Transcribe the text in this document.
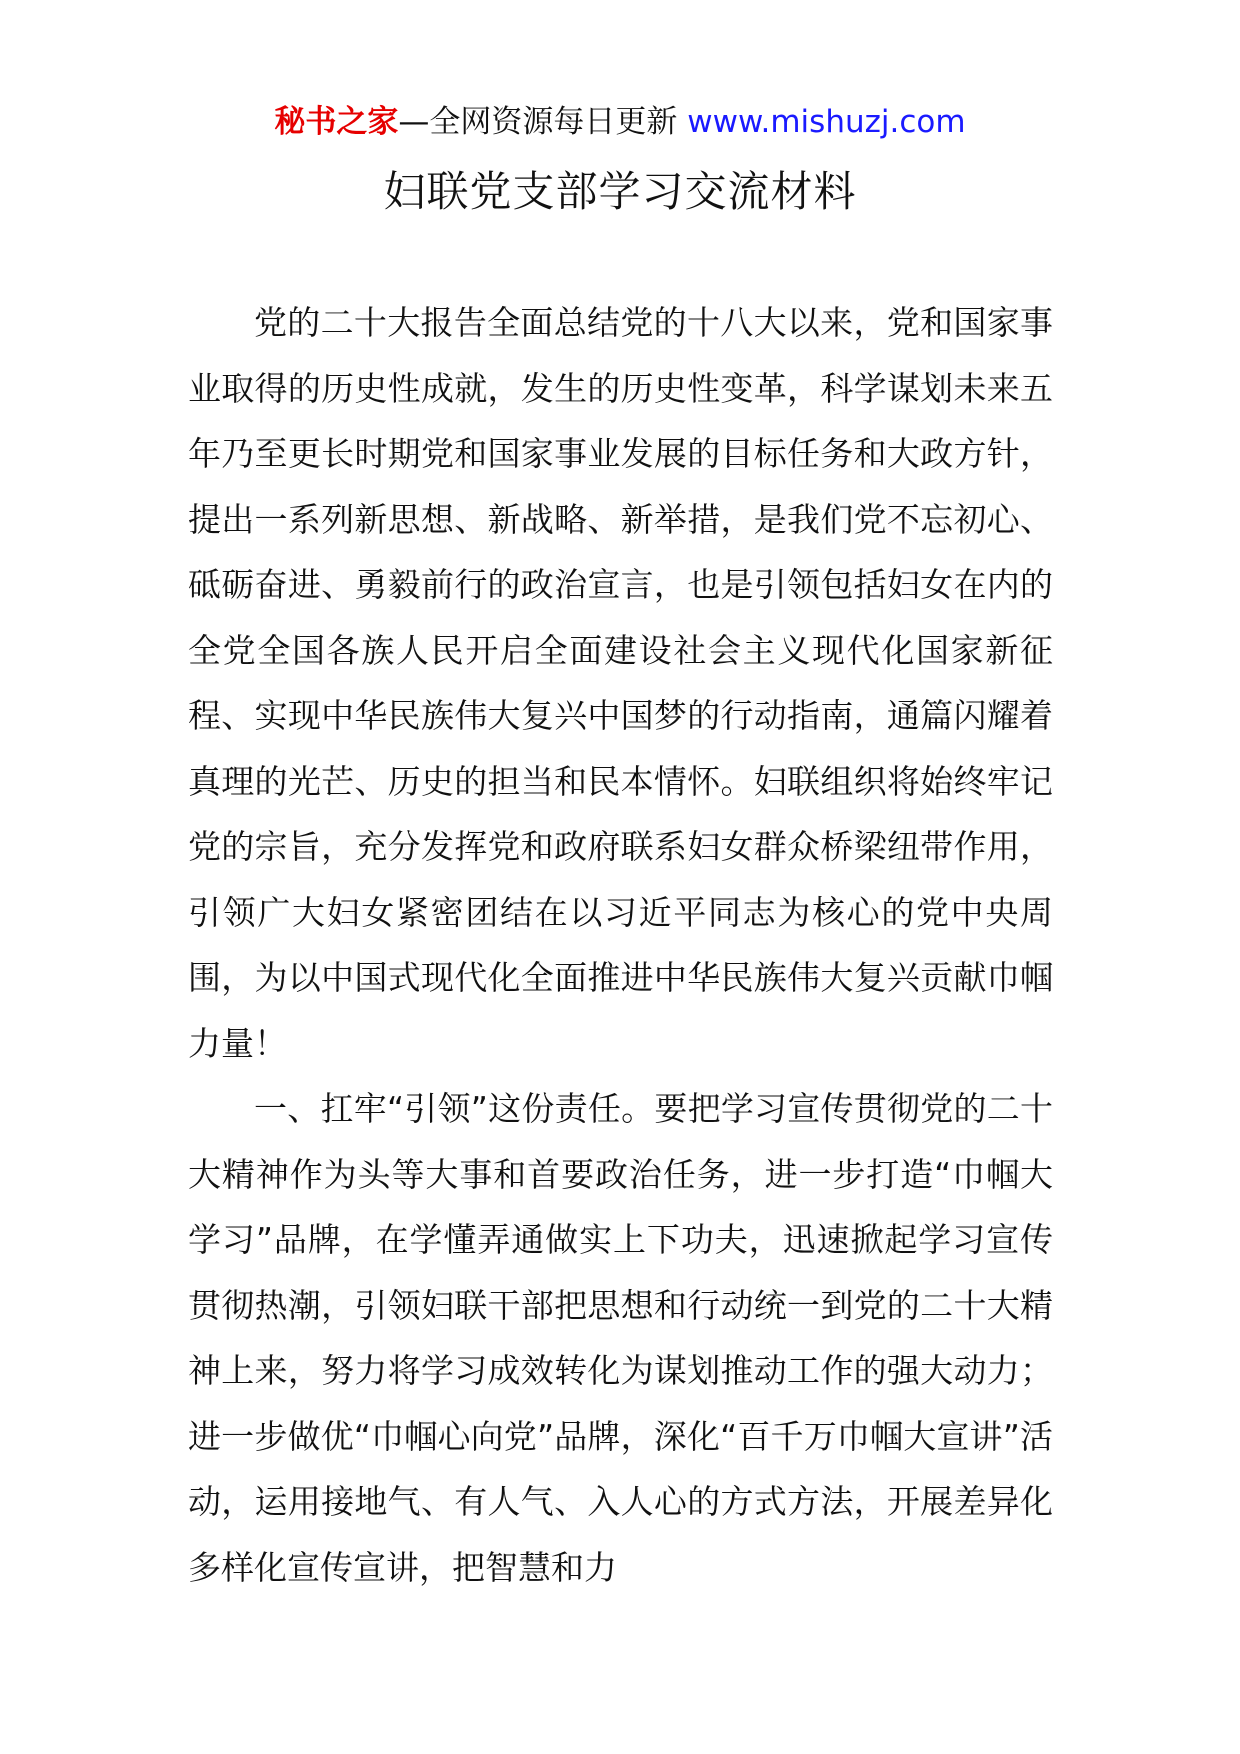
秘书之家—全网资源每日更新 www.mishuzj.com
妇联党支部学习交流材料

党的二十大报告全面总结党的十八大以来，党和国家事业取得的历史性成就，发生的历史性变革，科学谋划未来五年乃至更长时期党和国家事业发展的目标任务和大政方针，提出一系列新思想、新战略、新举措，是我们党不忘初心、砥砺奋进、勇毅前行的政治宣言，也是引领包括妇女在内的全党全国各族人民开启全面建设社会主义现代化国家新征程、实现中华民族伟大复兴中国梦的行动指南，通篇闪耀着真理的光芒、历史的担当和民本情怀。妇联组织将始终牢记党的宗旨，充分发挥党和政府联系妇女群众桥梁纽带作用，引领广大妇女紧密团结在以习近平同志为核心的党中央周围，为以中国式现代化全面推进中华民族伟大复兴贡献巾帼力量！

一、扛牢“引领”这份责任。要把学习宣传贯彻党的二十大精神作为头等大事和首要政治任务，进一步打造“巾帼大学习”品牌，在学懂弄通做实上下功夫，迅速掀起学习宣传贯彻热潮，引领妇联干部把思想和行动统一到党的二十大精神上来，努力将学习成效转化为谋划推动工作的强大动力；进一步做优“巾帼心向党”品牌，深化“百千万巾帼大宣讲”活动，运用接地气、有人气、入人心的方式方法，开展差异化多样化宣传宣讲，把智慧和力
